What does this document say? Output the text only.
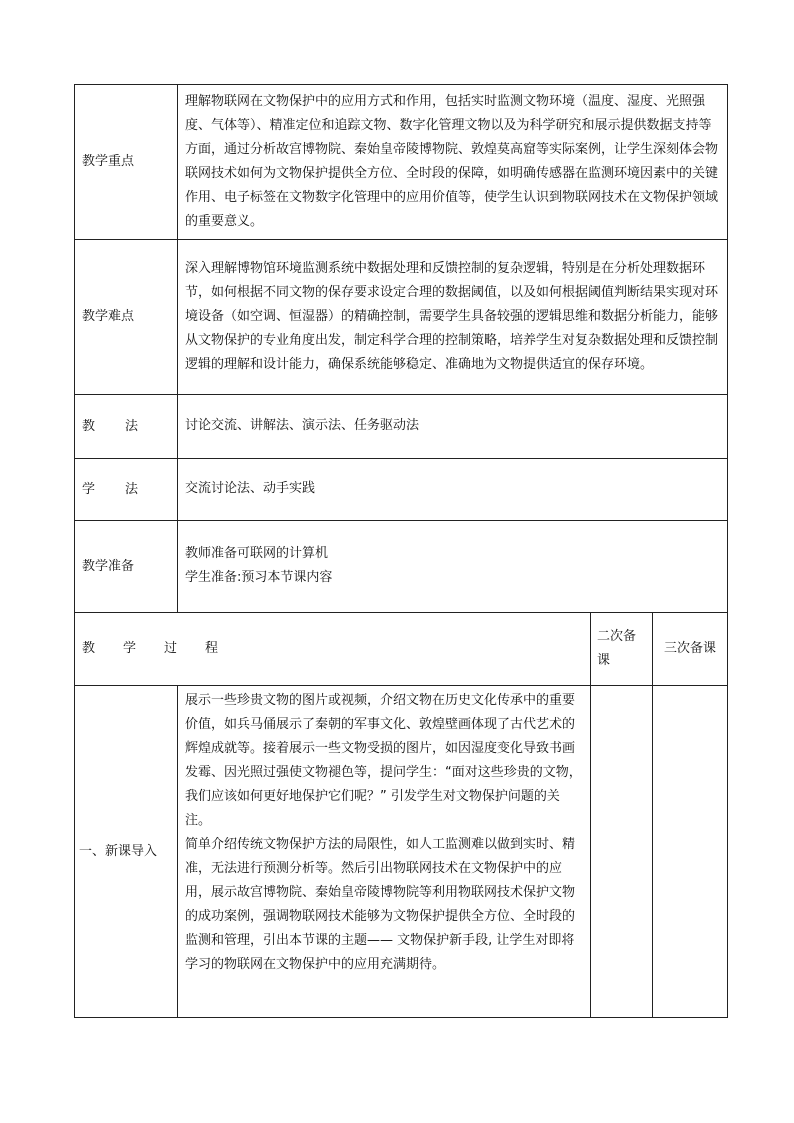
教学重点	理解物联网在文物保护中的应用方式和作用，包括实时监测文物环境（温度、湿度、光照强度、气体等）、精准定位和追踪文物、数字化管理文物以及为科学研究和展示提供数据支持等方面，通过分析故宫博物院、秦始皇帝陵博物院、敦煌莫高窟等实际案例，让学生深刻体会物联网技术如何为文物保护提供全方位、全时段的保障，如明确传感器在监测环境因素中的关键作用、电子标签在文物数字化管理中的应用价值等，使学生认识到物联网技术在文物保护领域的重要意义。		
教学难点	深入理解博物馆环境监测系统中数据处理和反馈控制的复杂逻辑，特别是在分析处理数据环节，如何根据不同文物的保存要求设定合理的数据阈值，以及如何根据阈值判断结果实现对环境设备（如空调、恒湿器）的精确控制，需要学生具备较强的逻辑思维和数据分析能力，能够从文物保护的专业角度出发，制定科学合理的控制策略，培养学生对复杂数据处理和反馈控制逻辑的理解和设计能力，确保系统能够稳定、准确地为文物提供适宜的保存环境。		
教 法	讨论交流、讲解法、演示法、任务驱动法		
学 法	交流讨论法、动手实践		
教学准备	教师准备可联网的计算机
学生准备:预习本节课内容		

教 学 过 程		二次备课	三次备课
一、新课导入	展示一些珍贵文物的图片或视频，介绍文物在历史文化传承中的重要价值，如兵马俑展示了秦朝的军事文化、敦煌壁画体现了古代艺术的辉煌成就等。接着展示一些文物受损的图片，如因湿度变化导致书画发霉、因光照过强使文物褪色等，提问学生：“面对这些珍贵的文物，我们应该如何更好地保护它们呢？” 引发学生对文物保护问题的关注。
简单介绍传统文物保护方法的局限性，如人工监测难以做到实时、精准，无法进行预测分析等。然后引出物联网技术在文物保护中的应用，展示故宫博物院、秦始皇帝陵博物院等利用物联网技术保护文物的成功案例，强调物联网技术能够为文物保护提供全方位、全时段的监测和管理，引出本节课的主题—— 文物保护新手段, 让学生对即将学习的物联网在文物保护中的应用充满期待。		
